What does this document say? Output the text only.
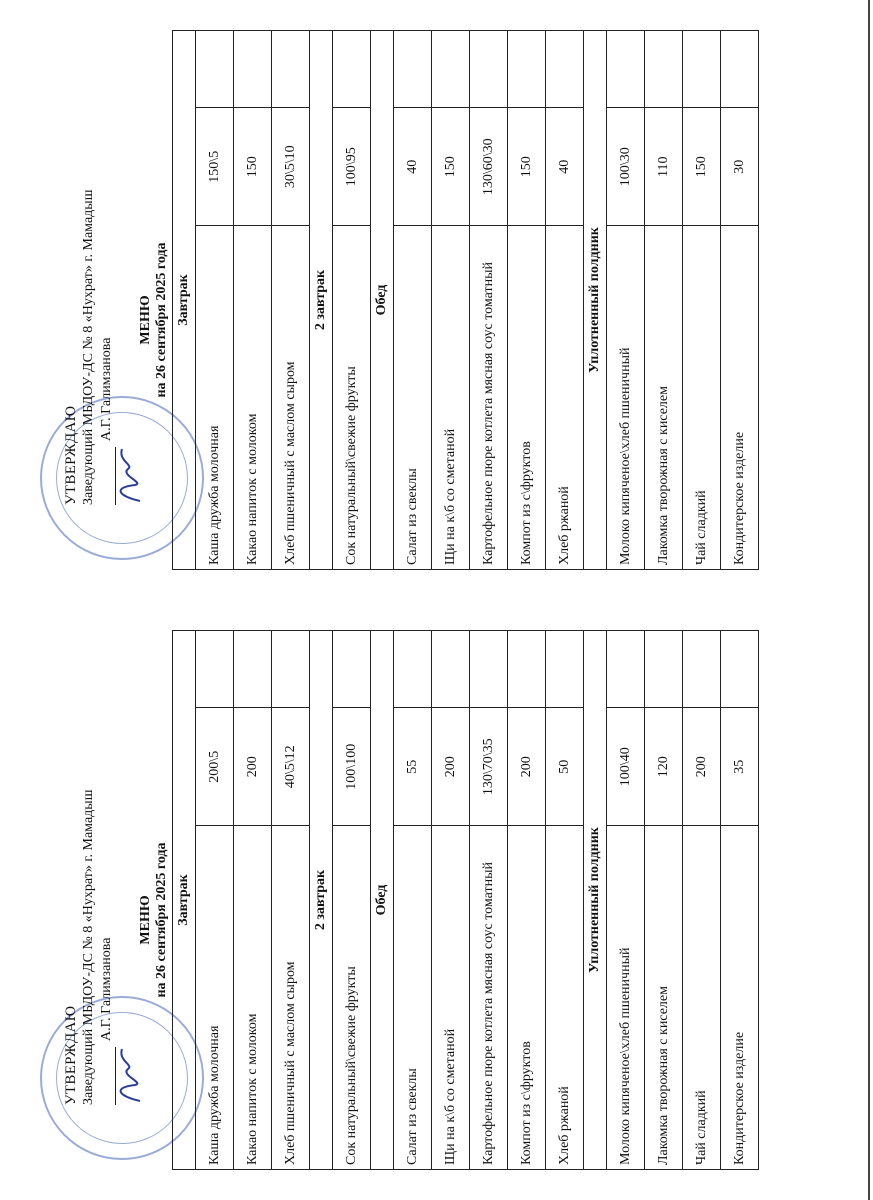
УТВЕРЖДАЮ Заведующий МБДОУ-ДС № 8 «Нухрат» г. Мамадыш А.Г. Галимзанова
МЕНЮ на 26 сентября 2025 года Завтрак		
Каша дружба молочная	200\5	
Какао напиток с молоком	200	
Хлеб пшеничный с маслом сыром	40\5\12	
2 завтрак		
Сок натуральный\свежие фрукты	100\100	
Обед		
Салат из свеклы	55	
Щи на к\б со сметаной	200	
Картофельное пюре котлета мясная соус томатный	130\70\35	
Компот из с\фруктов	200	
Хлеб ржаной	50	
Уплотненный полдник		
Молоко кипяченое\хлеб пшеничный	100\40	
Лакомка творожная с киселем	120	
Чай сладкий	200	
Кондитерское изделие	35	
УТВЕРЖДАЮ Заведующий МБДОУ-ДС № 8 «Нухрат» г. Мамадыш А.Г. Галимзанова
МЕНЮ на 26 сентября 2025 года Завтрак		
Каша дружба молочная	150\5	
Какао напиток с молоком	150	
Хлеб пшеничный с маслом сыром	30\5\10	
2 завтрак		
Сок натуральный\свежие фрукты	100\95	
Обед		
Салат из свеклы	40	
Щи на к\б со сметаной	150	
Картофельное пюре котлета мясная соус томатный	130\60\30	
Компот из с\фруктов	150	
Хлеб ржаной	40	
Уплотненный полдник		
Молоко кипяченое\хлеб пшеничный	100\30	
Лакомка творожная с киселем	110	
Чай сладкий	150	
Кондитерское изделие	30	
